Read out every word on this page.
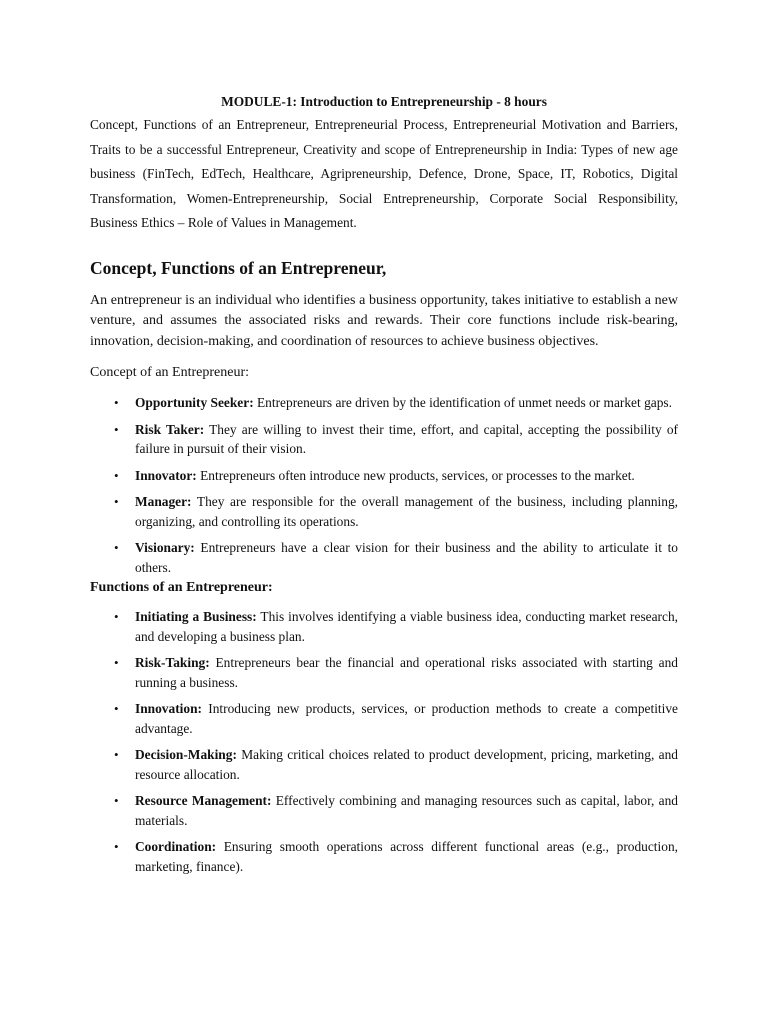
MODULE-1: Introduction to Entrepreneurship - 8 hours

Concept, Functions of an Entrepreneur, Entrepreneurial Process, Entrepreneurial Motivation and Barriers, Traits to be a successful Entrepreneur, Creativity and scope of Entrepreneurship in India: Types of new age business (FinTech, EdTech, Healthcare, Agripreneurship, Defence, Drone, Space, IT, Robotics, Digital Transformation, Women-Entrepreneurship, Social Entrepreneurship, Corporate Social Responsibility, Business Ethics – Role of Values in Management.

Concept, Functions of an Entrepreneur,

An entrepreneur is an individual who identifies a business opportunity, takes initiative to establish a new venture, and assumes the associated risks and rewards. Their core functions include risk-bearing, innovation, decision-making, and coordination of resources to achieve business objectives.

Concept of an Entrepreneur:

• Opportunity Seeker: Entrepreneurs are driven by the identification of unmet needs or market gaps.
• Risk Taker: They are willing to invest their time, effort, and capital, accepting the possibility of failure in pursuit of their vision.
• Innovator: Entrepreneurs often introduce new products, services, or processes to the market.
• Manager: They are responsible for the overall management of the business, including planning, organizing, and controlling its operations.
• Visionary: Entrepreneurs have a clear vision for their business and the ability to articulate it to others.

Functions of an Entrepreneur:

• Initiating a Business: This involves identifying a viable business idea, conducting market research, and developing a business plan.
• Risk-Taking: Entrepreneurs bear the financial and operational risks associated with starting and running a business.
• Innovation: Introducing new products, services, or production methods to create a competitive advantage.
• Decision-Making: Making critical choices related to product development, pricing, marketing, and resource allocation.
• Resource Management: Effectively combining and managing resources such as capital, labor, and materials.
• Coordination: Ensuring smooth operations across different functional areas (e.g., production, marketing, finance).
